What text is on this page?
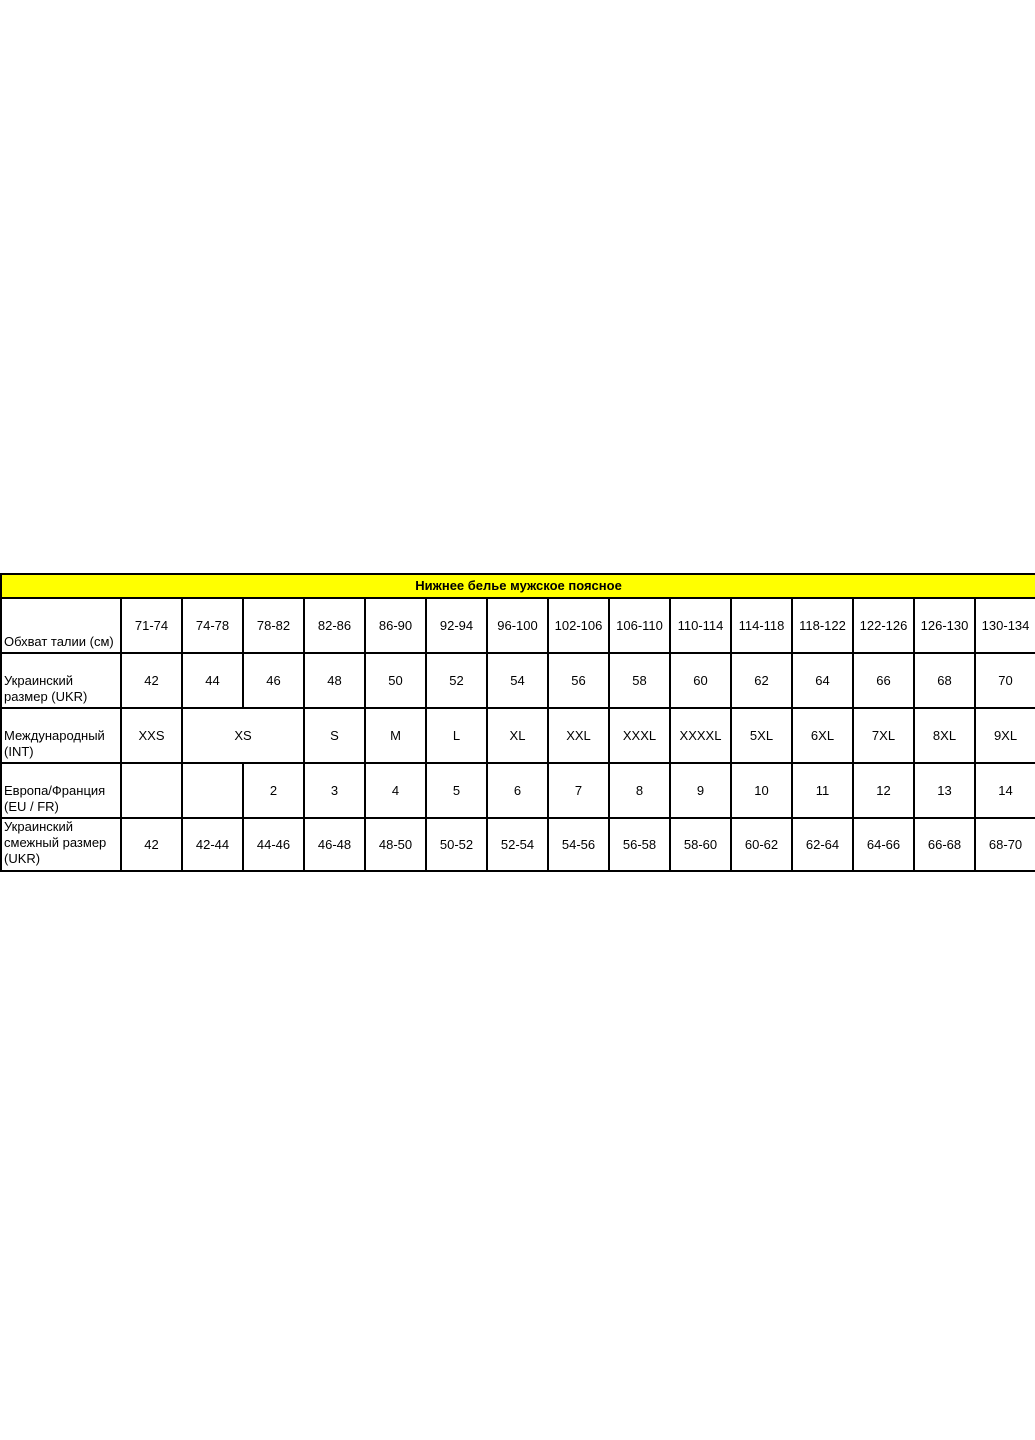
Нижнее белье мужское поясное															
Обхват талии (см)	71-74	74-78	78-82	82-86	86-90	92-94	96-100	102-106	106-110	110-114	114-118	118-122	122-126	126-130	130-134
Украинский размер (UKR)	42	44	46	48	50	52	54	56	58	60	62	64	66	68	70
Международный (INT)	XXS	XS		S	M	L	XL	XXL	XXXL	XXXXL	5XL	6XL	7XL	8XL	9XL
Европа/Франция (EU / FR)			2	3	4	5	6	7	8	9	10	11	12	13	14
Украинский смежный размер (UKR)	42	42-44	44-46	46-48	48-50	50-52	52-54	54-56	56-58	58-60	60-62	62-64	64-66	66-68	68-70
